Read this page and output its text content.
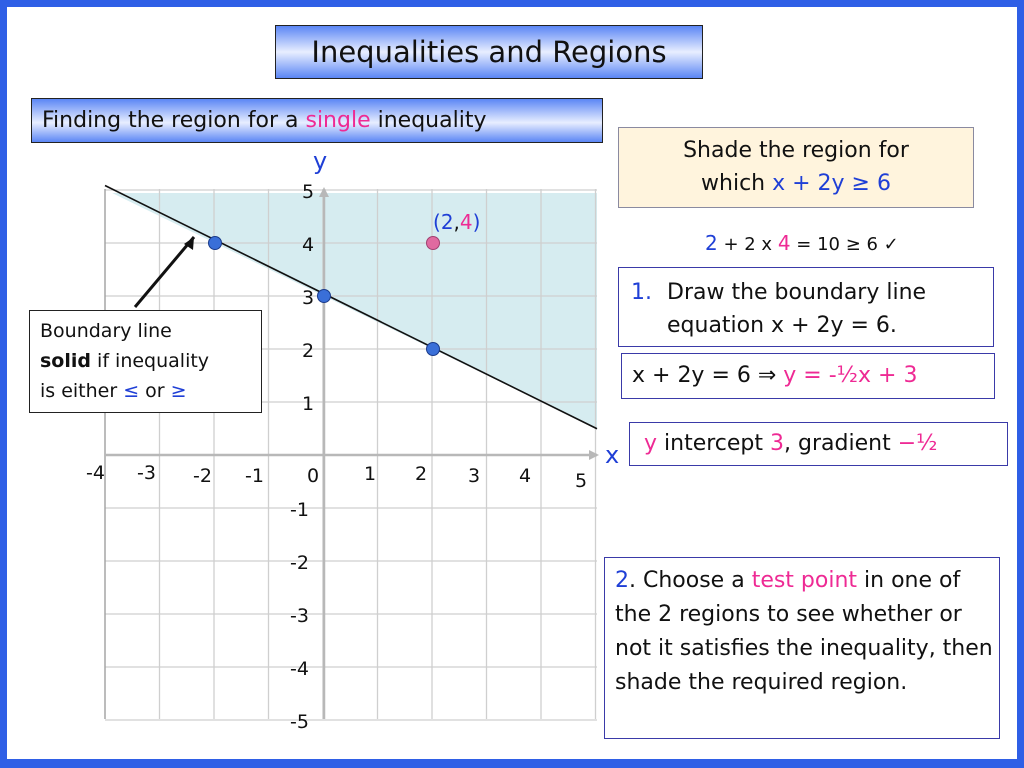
-4 -3 -2 -1 0 1 2 3 4 5
5
4
3
2
1
-1
-2
-3
-4
-5
y
x
(2,4)
Inequalities and Regions
Finding the region for a single inequality
Shade the region for
which x + 2y ≥ 6
2 + 2 x 4 = 10 ≥ 6 ✓
1. Draw the boundary line equation x + 2y = 6.
x + 2y = 6 ⇒ y = -½x + 3
y intercept 3, gradient −½
2. Choose a test point in one of the 2 regions to see whether or not it satisfies the inequality, then shade the required region.
Boundary line
solid if inequality
is either ≤ or ≥
